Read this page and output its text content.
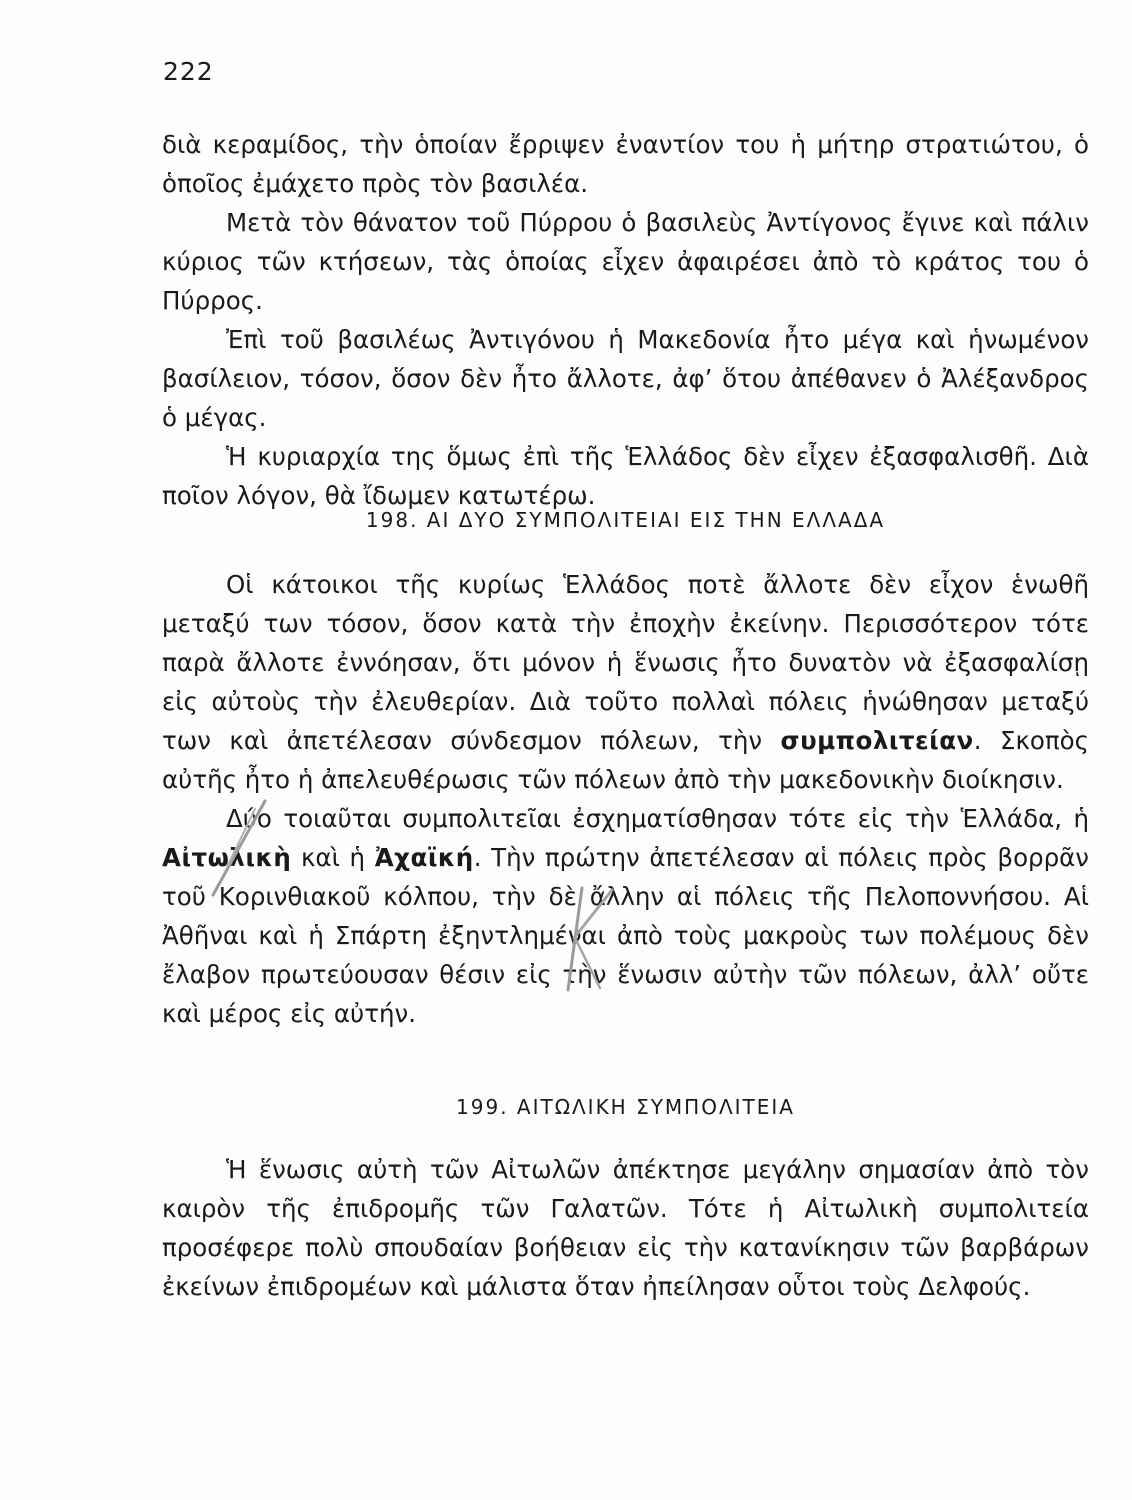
222

διὰ κεραμίδος, τὴν ὁποίαν ἔρριψεν ἐναντίον του ἡ μήτηρ στρατιώτου, ὁ ὁποῖος ἐμάχετο πρὸς τὸν βασιλέα.

Μετὰ τὸν θάνατον τοῦ Πύρρου ὁ βασιλεὺς Ἀντίγονος ἔγινε καὶ πάλιν κύριος τῶν κτήσεων, τὰς ὁποίας εἶχεν ἀφαιρέσει ἀπὸ τὸ κράτος του ὁ Πύρρος.

Ἐπὶ τοῦ βασιλέως Ἀντιγόνου ἡ Μακεδονία ἦτο μέγα καὶ ἡνωμένον βασίλειον, τόσον, ὅσον δὲν ἦτο ἄλλοτε, ἀφ’ ὅτου ἀπέθανεν ὁ Ἀλέξανδρος ὁ μέγας.

Ἡ κυριαρχία της ὅμως ἐπὶ τῆς Ἑλλάδος δὲν εἶχεν ἐξασφαλισθῆ. Διὰ ποῖον λόγον, θὰ ἴδωμεν κατωτέρω.

198. ΑΙ ΔΥΟ ΣΥΜΠΟΛΙΤΕΙΑΙ ΕΙΣ ΤΗΝ ΕΛΛΑΔΑ

Οἱ κάτοικοι τῆς κυρίως Ἑλλάδος ποτὲ ἄλλοτε δὲν εἶχον ἑνωθῆ μεταξύ των τόσον, ὅσον κατὰ τὴν ἐποχὴν ἐκείνην. Περισσότερον τότε παρὰ ἄλλοτε ἐννόησαν, ὅτι μόνον ἡ ἕνωσις ἦτο δυνατὸν νὰ ἐξασφαλίσῃ εἰς αὐτοὺς τὴν ἐλευθερίαν. Διὰ τοῦτο πολλαὶ πόλεις ἡνώθησαν μεταξύ των καὶ ἀπετέλεσαν σύνδεσμον πόλεων, τὴν συμπολιτείαν. Σκοπὸς αὐτῆς ἦτο ἡ ἀπελευθέρωσις τῶν πόλεων ἀπὸ τὴν μακεδονικὴν διοίκησιν.

Δύο τοιαῦται συμπολιτεῖαι ἐσχηματίσθησαν τότε εἰς τὴν Ἑλλάδα, ἡ Αἰτωλικὴ καὶ ἡ Ἀχαϊκή. Τὴν πρώτην ἀπετέλεσαν αἱ πόλεις πρὸς βορρᾶν τοῦ Κορινθιακοῦ κόλπου, τὴν δὲ ἄλλην αἱ πόλεις τῆς Πελοποννήσου. Αἱ Ἀθῆναι καὶ ἡ Σπάρτη ἐξηντλημέναι ἀπὸ τοὺς μακροὺς των πολέμους δὲν ἔλαβον πρωτεύουσαν θέσιν εἰς τὴν ἕνωσιν αὐτὴν τῶν πόλεων, ἀλλ’ οὔτε καὶ μέρος εἰς αὐτήν.

199. ΑΙΤΩΛΙΚΗ ΣΥΜΠΟΛΙΤΕΙΑ

Ἡ ἕνωσις αὐτὴ τῶν Αἰτωλῶν ἀπέκτησε μεγάλην σημασίαν ἀπὸ τὸν καιρὸν τῆς ἐπιδρομῆς τῶν Γαλατῶν. Τότε ἡ Αἰτωλικὴ συμπολιτεία προσέφερε πολὺ σπουδαίαν βοήθειαν εἰς τὴν κατανίκησιν τῶν βαρβάρων ἐκείνων ἐπιδρομέων καὶ μάλιστα ὅταν ἠπείλησαν οὗτοι τοὺς Δελφούς.
